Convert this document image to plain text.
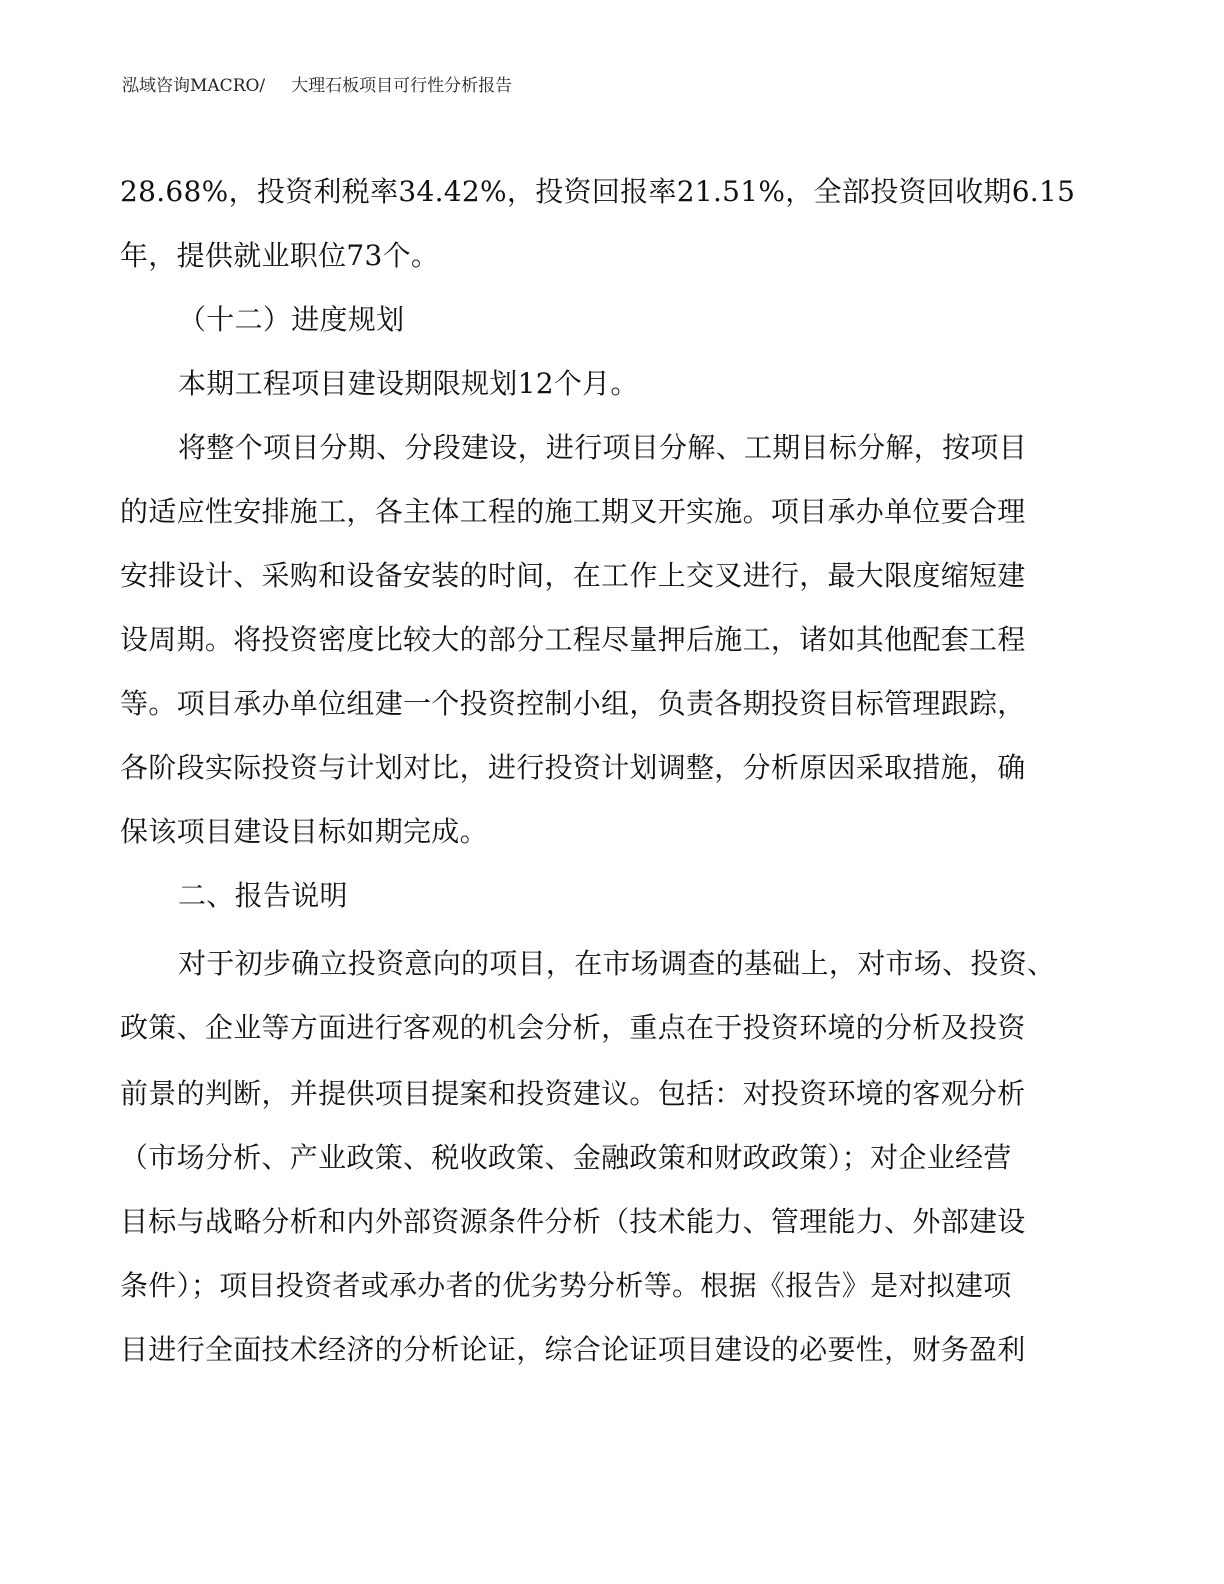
泓域咨询MACRO/ 大理石板项目可行性分析报告
28.68%，投资利税率34.42%，投资回报率21.51%，全部投资回收期6.15
年，提供就业职位73个。
（十二）进度规划
本期工程项目建设期限规划12个月。
将整个项目分期、分段建设，进行项目分解、工期目标分解，按项目
的适应性安排施工，各主体工程的施工期叉开实施。项目承办单位要合理
安排设计、采购和设备安装的时间，在工作上交叉进行，最大限度缩短建
设周期。将投资密度比较大的部分工程尽量押后施工，诸如其他配套工程
等。项目承办单位组建一个投资控制小组，负责各期投资目标管理跟踪，
各阶段实际投资与计划对比，进行投资计划调整，分析原因采取措施，确
保该项目建设目标如期完成。
二、报告说明
对于初步确立投资意向的项目，在市场调查的基础上，对市场、投资、
政策、企业等方面进行客观的机会分析，重点在于投资环境的分析及投资
前景的判断，并提供项目提案和投资建议。包括：对投资环境的客观分析
（市场分析、产业政策、税收政策、金融政策和财政政策）；对企业经营
目标与战略分析和内外部资源条件分析（技术能力、管理能力、外部建设
条件）；项目投资者或承办者的优劣势分析等。根据《报告》是对拟建项
目进行全面技术经济的分析论证，综合论证项目建设的必要性，财务盈利
